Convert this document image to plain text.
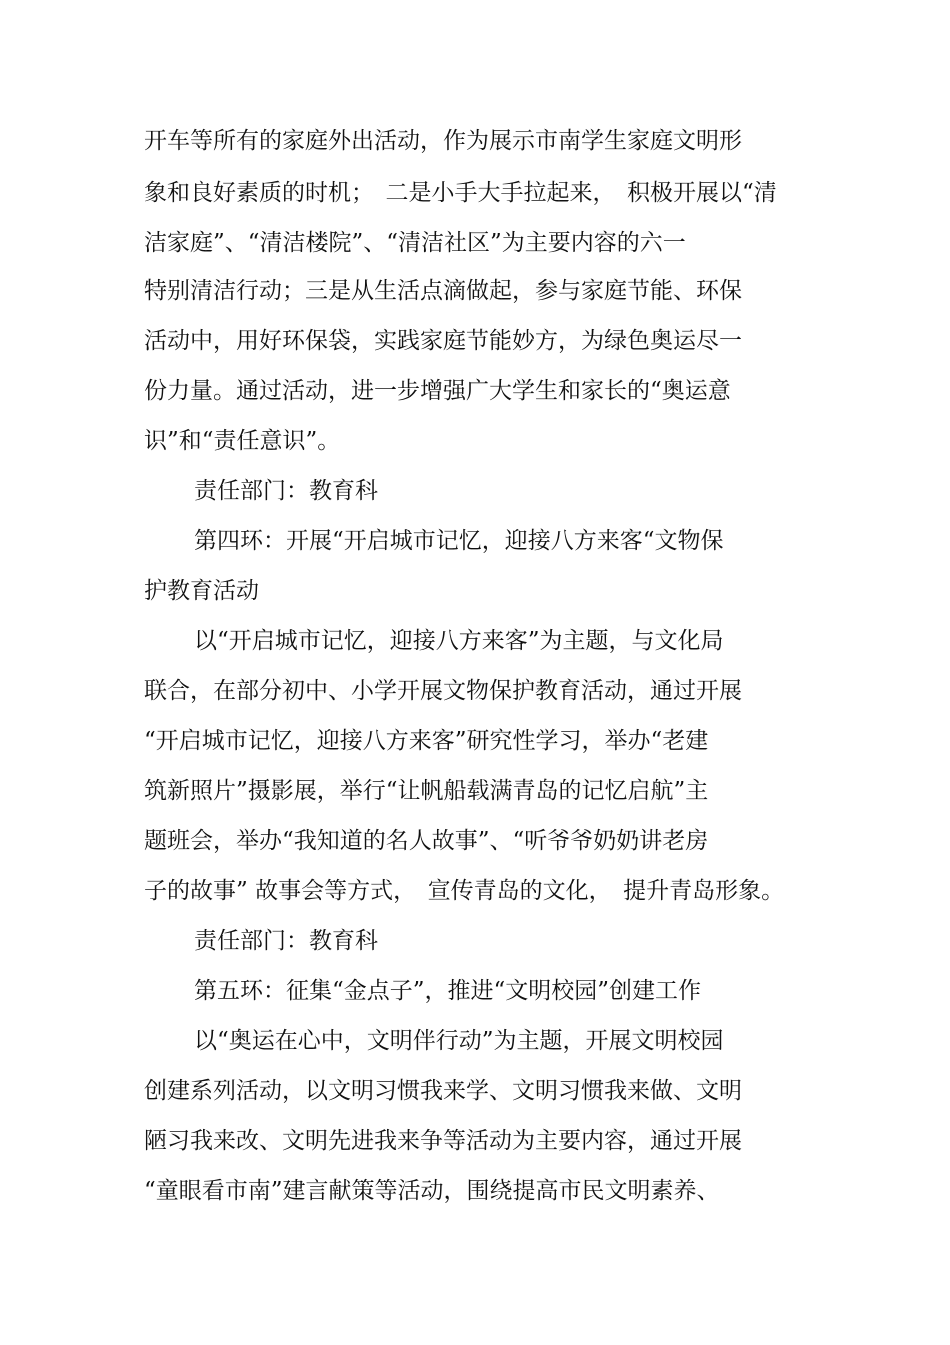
开车等所有的家庭外出活动，作为展示市南学生家庭文明形
象和良好素质的时机；　二是小手大手拉起来，　积极开展以“清
洁家庭”、“清洁楼院”、“清洁社区”为主要内容的六一
特别清洁行动；三是从生活点滴做起，参与家庭节能、环保
活动中，用好环保袋，实践家庭节能妙方，为绿色奥运尽一
份力量。通过活动，进一步增强广大学生和家长的“奥运意
识”和“责任意识”。
责任部门：教育科
第四环：开展“开启城市记忆，迎接八方来客“文物保
护教育活动
以“开启城市记忆，迎接八方来客”为主题，与文化局
联合，在部分初中、小学开展文物保护教育活动，通过开展
“开启城市记忆，迎接八方来客”研究性学习，举办“老建
筑新照片”摄影展，举行“让帆船载满青岛的记忆启航”主
题班会，举办“我知道的名人故事”、“听爷爷奶奶讲老房
子的故事” 故事会等方式，　宣传青岛的文化，　提升青岛形象。
责任部门：教育科
第五环：征集“金点子”，推进“文明校园”创建工作
以“奥运在心中，文明伴行动”为主题，开展文明校园
创建系列活动，以文明习惯我来学、文明习惯我来做、文明
陋习我来改、文明先进我来争等活动为主要内容，通过开展
“童眼看市南”建言献策等活动，围绕提高市民文明素养、
